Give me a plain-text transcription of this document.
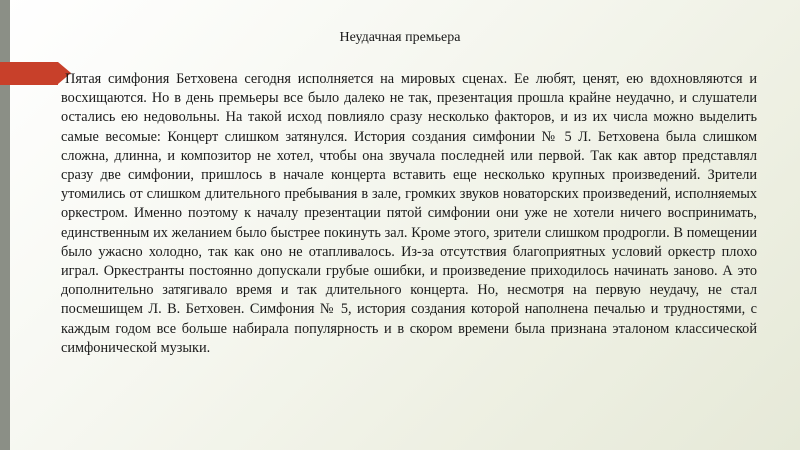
Неудачная премьера

Пятая симфония Бетховена сегодня исполняется на мировых сценах. Ее любят, ценят, ею вдохновляются и восхищаются. Но в день премьеры все было далеко не так, презентация прошла крайне неудачно, и слушатели остались ею недовольны. На такой исход повлияло сразу несколько факторов, и из их числа можно выделить самые весомые: Концерт слишком затянулся. История создания симфонии № 5 Л. Бетховена была слишком сложна, длинна, и композитор не хотел, чтобы она звучала последней или первой. Так как автор представлял сразу две симфонии, пришлось в начале концерта вставить еще несколько крупных произведений. Зрители утомились от слишком длительного пребывания в зале, громких звуков новаторских произведений, исполняемых оркестром. Именно поэтому к началу презентации пятой симфонии они уже не хотели ничего воспринимать, единственным их желанием было быстрее покинуть зал. Кроме этого, зрители слишком продрогли. В помещении было ужасно холодно, так как оно не отапливалось. Из-за отсутствия благоприятных условий оркестр плохо играл. Оркестранты постоянно допускали грубые ошибки, и произведение приходилось начинать заново. А это дополнительно затягивало время и так длительного концерта. Но, несмотря на первую неудачу, не стал посмешищем Л. В. Бетховен. Симфония № 5, история создания которой наполнена печалью и трудностями, с каждым годом все больше набирала популярность и в скором времени была признана эталоном классической симфонической музыки.
